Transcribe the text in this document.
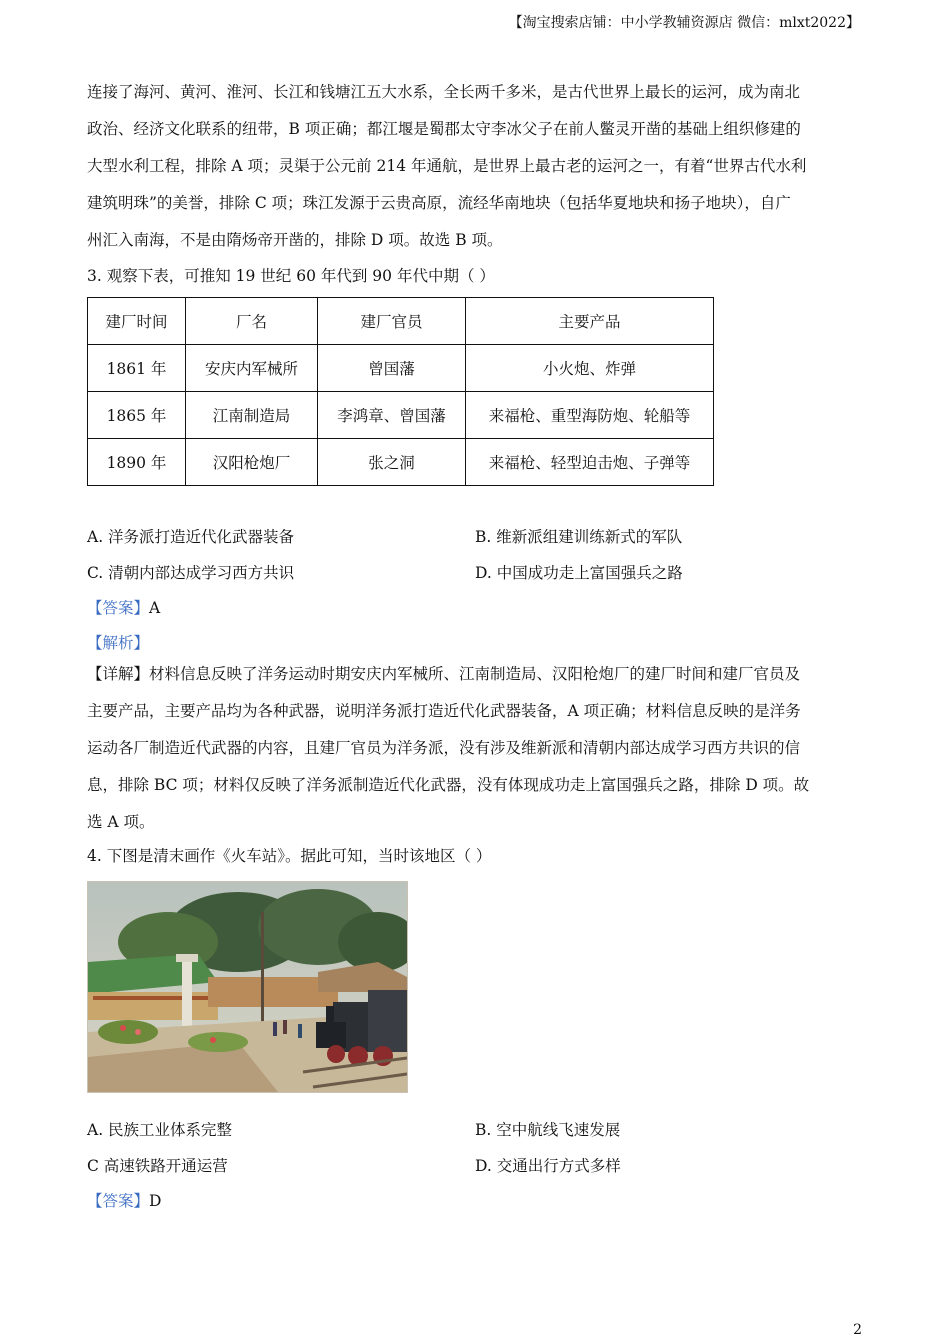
【淘宝搜索店铺：中小学教辅资源店 微信：mlxt2022】

连接了海河、黄河、淮河、长江和钱塘江五大水系，全长两千多米，是古代世界上最长的运河，成为南北

政治、经济文化联系的纽带，B 项正确；都江堰是蜀郡太守李冰父子在前人鳖灵开凿的基础上组织修建的

大型水利工程，排除 A 项；灵渠于公元前 214 年通航，是世界上最古老的运河之一，有着“世界古代水利

建筑明珠”的美誉，排除 C 项；珠江发源于云贵高原，流经华南地块（包括华夏地块和扬子地块），自广

州汇入南海，不是由隋炀帝开凿的，排除 D 项。故选 B 项。

3. 观察下表，可推知 19 世纪 60 年代到 90 年代中期（ ）
建厂时间	厂名	建厂官员	主要产品
1861 年	安庆内军械所	曾国藩	小火炮、炸弹
1865 年	江南制造局	李鸿章、曾国藩	来福枪、重型海防炮、轮船等
1890 年	汉阳枪炮厂	张之洞	来福枪、轻型迫击炮、子弹等
A. 洋务派打造近代化武器装备	B. 维新派组建训练新式的军队
C. 清朝内部达成学习西方共识	D. 中国成功走上富国强兵之路
【答案】A
【解析】

【详解】材料信息反映了洋务运动时期安庆内军械所、江南制造局、汉阳枪炮厂的建厂时间和建厂官员及

主要产品，主要产品均为各种武器，说明洋务派打造近代化武器装备，A 项正确；材料信息反映的是洋务

运动各厂制造近代武器的内容，且建厂官员为洋务派，没有涉及维新派和清朝内部达成学习西方共识的信

息，排除 BC 项；材料仅反映了洋务派制造近代化武器，没有体现成功走上富国强兵之路，排除 D 项。故

选 A 项。

4. 下图是清末画作《火车站》。据此可知，当时该地区（ ）
A. 民族工业体系完整	B. 空中航线飞速发展
C 高速铁路开通运营	D. 交通出行方式多样
【答案】D
2
